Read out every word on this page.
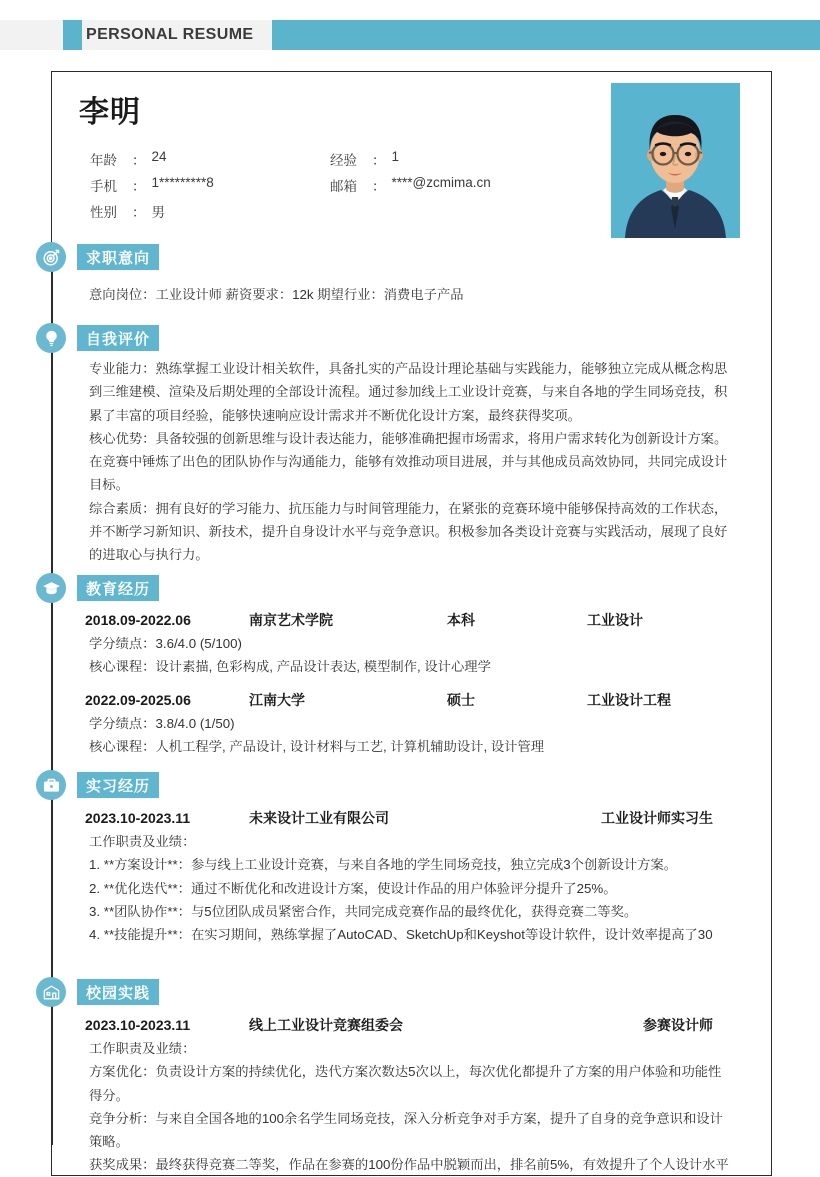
PERSONAL RESUME
李明
年龄	： 24	经验	： 1
手机	： 1*********8	邮箱	： ****@zcmima.cn
性别	： 男
求职意向

意向岗位：工业设计师 薪资要求：12k 期望行业：消费电子产品

自我评价

专业能力：熟练掌握工业设计相关软件，具备扎实的产品设计理论基础与实践能力，能够独立完成从概念构思

到三维建模、渲染及后期处理的全部设计流程。通过参加线上工业设计竞赛，与来自各地的学生同场竞技，积

累了丰富的项目经验，能够快速响应设计需求并不断优化设计方案，最终获得奖项。

核心优势：具备较强的创新思维与设计表达能力，能够准确把握市场需求，将用户需求转化为创新设计方案。

在竞赛中锤炼了出色的团队协作与沟通能力，能够有效推动项目进展，并与其他成员高效协同，共同完成设计

目标。

综合素质：拥有良好的学习能力、抗压能力与时间管理能力，在紧张的竞赛环境中能够保持高效的工作状态，

并不断学习新知识、新技术，提升自身设计水平与竞争意识。积极参加各类设计竞赛与实践活动，展现了良好

的进取心与执行力。

教育经历
2018.09-2022.06	南京艺术学院	本科	工业设计

学分绩点：3.6/4.0 (5/100)

核心课程：设计素描, 色彩构成, 产品设计表达, 模型制作, 设计心理学

2022.09-2025.06	江南大学	硕士	工业设计工程

学分绩点：3.8/4.0 (1/50)

核心课程：人机工程学, 产品设计, 设计材料与工艺, 计算机辅助设计, 设计管理

实习经历
2023.10-2023.11	未来设计工业有限公司	工业设计师实习生

工作职责及业绩：

1. **方案设计**：参与线上工业设计竞赛，与来自各地的学生同场竞技，独立完成3个创新设计方案。

2. **优化迭代**：通过不断优化和改进设计方案，使设计作品的用户体验评分提升了25%。

3. **团队协作**：与5位团队成员紧密合作，共同完成竞赛作品的最终优化，获得竞赛二等奖。

4. **技能提升**：在实习期间，熟练掌握了AutoCAD、SketchUp和Keyshot等设计软件，设计效率提高了30

校园实践
2023.10-2023.11	线上工业设计竞赛组委会	参赛设计师

工作职责及业绩：

方案优化：负责设计方案的持续优化，迭代方案次数达5次以上，每次优化都提升了方案的用户体验和功能性

得分。

竞争分析：与来自全国各地的100余名学生同场竞技，深入分析竞争对手方案，提升了自身的竞争意识和设计

策略。

获奖成果：最终获得竞赛二等奖，作品在参赛的100份作品中脱颖而出，排名前5%，有效提升了个人设计水平
